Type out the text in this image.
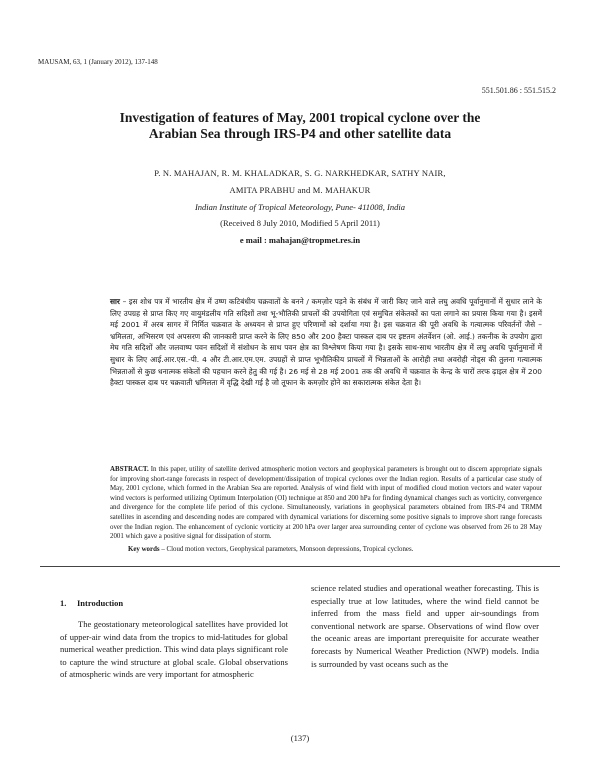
MAUSAM, 63, 1 (January 2012), 137-148
551.501.86 : 551.515.2
Investigation of features of May, 2001 tropical cyclone over the
Arabian Sea through IRS-P4 and other satellite data
P. N. MAHAJAN, R. M. KHALADKAR, S. G. NARKHEDKAR, SATHY NAIR,
AMITA PRABHU and M. MAHAKUR
Indian Institute of Tropical Meteorology, Pune- 411008, India
(Received 8 July 2010, Modified 5 April 2011)
e mail : mahajan@tropmet.res.in
सार – इस शोध पत्र में भारतीय क्षेत्र में उष्ण कटिबंधीय चक्रवातों के बनने / कमज़ोर पड़ने के संबंध में जारी किए जाने वाले लघु अवधि पूर्वानुमानों में सुधार लाने के लिए उपग्रह से प्राप्त किए गए वायुमंडलीय गति सदिशों तथा भू-भौतिकी प्राचलों की उपयोगिता एवं समुचित संकेतकों का पता लगाने का प्रयास किया गया है। इसमें मई 2001 में अरब सागर में निर्मित चक्रवात के अध्ययन से प्राप्त हुए परिणामों को दर्शाया गया है। इस चक्रवात की पूरी अवधि के गत्यात्मक परिवर्तनों जैसे – भ्रमिलता, अभिसरण एवं अपसरण की जानकारी प्राप्त करने के लिए 850 और 200 हैक्टा पास्कल दाब पर इष्टतम अंतर्वेशन (ओ. आई.) तकनीक के उपयोग द्वारा मेघ गति सदिशों और जलवाष्प पवन सदिशों में संशोधन के साथ पवन क्षेत्र का विश्लेषण किया गया है। इसके साथ-साथ भारतीय क्षेत्र में लघु अवधि पूर्वानुमानों में सुधार के लिए आई.आर.एस.-पी. 4 और टी.आर.एम.एम. उपग्रहों से प्राप्त भूभौतिकीय प्राचलों में भिन्नताओं के आरोही तथा अवरोही नोड्स की तुलना गत्यात्मक भिन्नताओं से कुछ धनात्मक संकेतों की पहचान करने हेतु की गई है। 26 मई से 28 मई 2001 तक की अवधि में चक्रवात के केन्द्र के चारों तरफ ढ़ाइल क्षेत्र में 200 हैक्टा पास्कल दाब पर चक्रवाती भ्रमिलता में वृद्धि देखी गई है जो तूफान के कमज़ोर होने का सकारात्मक संकेत देता है।
ABSTRACT. In this paper, utility of satellite derived atmospheric motion vectors and geophysical parameters is brought out to discern appropriate signals for improving short-range forecasts in respect of development/dissipation of tropical cyclones over the Indian region. Results of a particular case study of May, 2001 cyclone, which formed in the Arabian Sea are reported. Analysis of wind field with input of modified cloud motion vectors and water vapour wind vectors is performed utilizing Optimum Interpolation (OI) technique at 850 and 200 hPa for finding dynamical changes such as vorticity, convergence and divergence for the complete life period of this cyclone. Simultaneously, variations in geophysical parameters obtained from IRS-P4 and TRMM satellites in ascending and descending nodes are compared with dynamical variations for discerning some positive signals to improve short range forecasts over the Indian region. The enhancement of cyclonic vorticity at 200 hPa over larger area surrounding center of cyclone was observed from 26 to 28 May 2001 which gave a positive signal for dissipation of storm.
Key words – Cloud motion vectors, Geophysical parameters, Monsoon depressions, Tropical cyclones.
1.     Introduction

The geostationary meteorological satellites have provided lot of upper-air wind data from the tropics to mid-latitudes for global numerical weather prediction. This wind data plays significant role to capture the wind structure at global scale. Global observations of atmospheric winds are very important for atmospheric

science related studies and operational weather forecasting. This is especially true at low latitudes, where the wind field cannot be inferred from the mass field and upper air-soundings from conventional network are sparse. Observations of wind flow over the oceanic areas are important prerequisite for accurate weather forecasts by Numerical Weather Prediction (NWP) models. India is surrounded by vast oceans such as the

(137)
